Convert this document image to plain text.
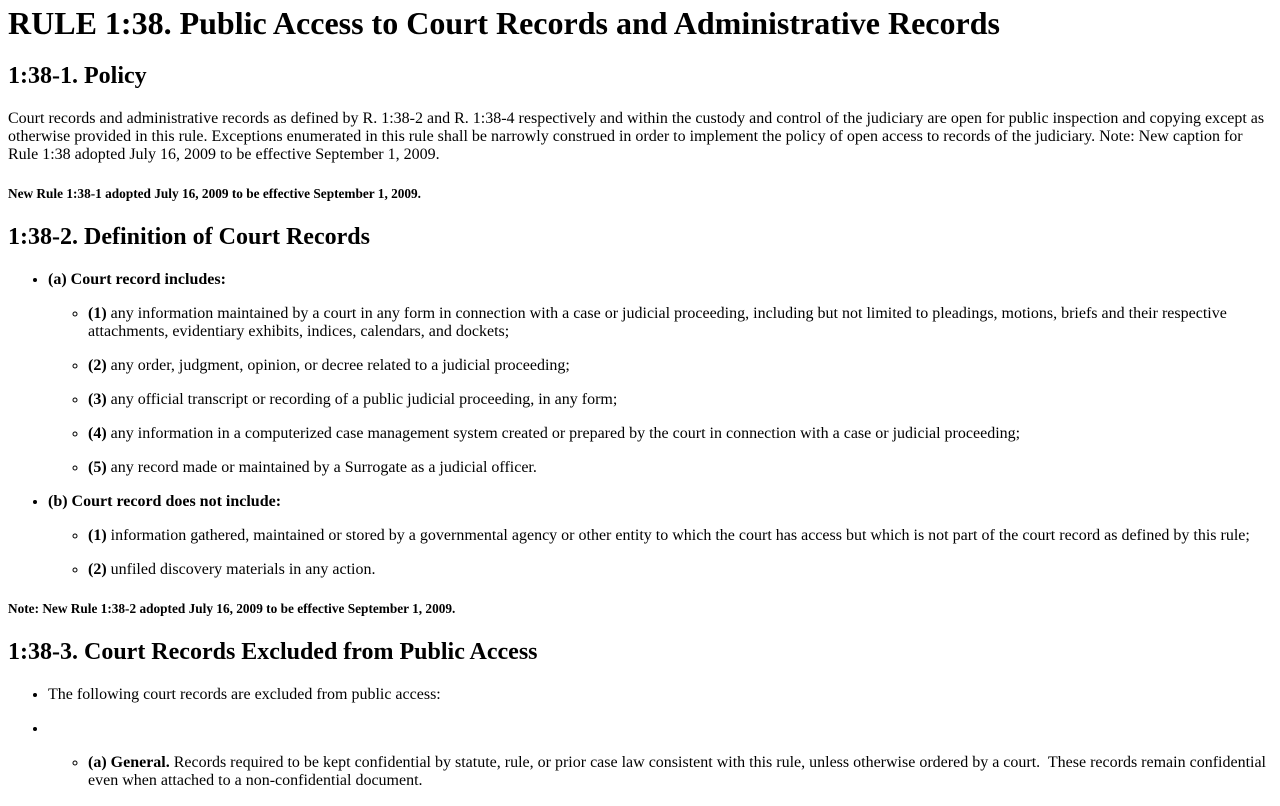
RULE 1:38. Public Access to Court Records and Administrative Records
1:38-1. Policy

Court records and administrative records as defined by R. 1:38-2 and R. 1:38-4 respectively and within the custody and control of the judiciary are open for public inspection and copying except as otherwise provided in this rule. Exceptions enumerated in this rule shall be narrowly construed in order to implement the policy of open access to records of the judiciary. Note: New caption for Rule 1:38 adopted July 16, 2009 to be effective September 1, 2009.

New Rule 1:38-1 adopted July 16, 2009 to be effective September 1, 2009.

1:38-2. Definition of Court Records
• (a) Court record includes:

◦ (1) any information maintained by a court in any form in connection with a case or judicial proceeding, including but not limited to pleadings, motions, briefs and their respective attachments, evidentiary exhibits, indices, calendars, and dockets;

◦ (2) any order, judgment, opinion, or decree related to a judicial proceeding;

◦ (3) any official transcript or recording of a public judicial proceeding, in any form;

◦ (4) any information in a computerized case management system created or prepared by the court in connection with a case or judicial proceeding;

◦ (5) any record made or maintained by a Surrogate as a judicial officer.

• (b) Court record does not include:

◦ (1) information gathered, maintained or stored by a governmental agency or other entity to which the court has access but which is not part of the court record as defined by this rule;

◦ (2) unfiled discovery materials in any action.

Note: New Rule 1:38-2 adopted July 16, 2009 to be effective September 1, 2009.

1:38-3. Court Records Excluded from Public Access

• The following court records are excluded from public access:

◦ • (a) General. Records required to be kept confidential by statute, rule, or prior case law consistent with this rule, unless otherwise ordered by a court.  These records remain confidential even when attached to a non-confidential document.
